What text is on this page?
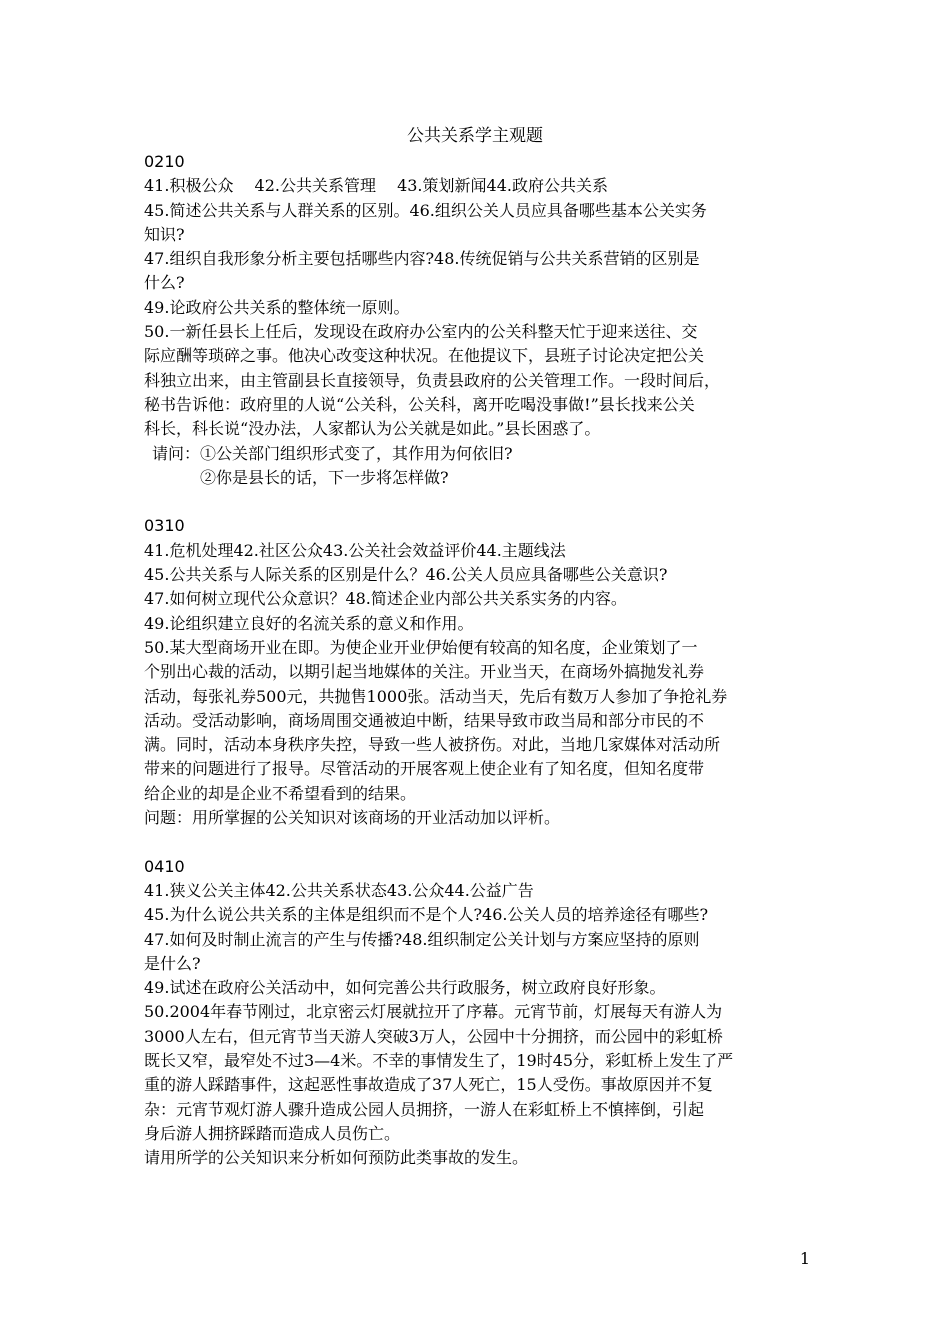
公共关系学主观题
0210
41.积极公众　 42.公共关系管理　 43.策划新闻44.政府公共关系
45.简述公共关系与人群关系的区别。46.组织公关人员应具备哪些基本公关实务
知识?
47.组织自我形象分析主要包括哪些内容?48.传统促销与公共关系营销的区别是
什么?
49.论政府公共关系的整体统一原则。
50.一新任县长上任后，发现设在政府办公室内的公关科整天忙于迎来送往、交
际应酬等琐碎之事。他决心改变这种状况。在他提议下，县班子讨论决定把公关
科独立出来，由主管副县长直接领导，负责县政府的公关管理工作。一段时间后，
秘书告诉他：政府里的人说“公关科，公关科，离开吃喝没事做!”县长找来公关
科长，科长说“没办法，人家都认为公关就是如此。”县长困惑了。
请问：①公关部门组织形式变了，其作用为何依旧?
②你是县长的话，下一步将怎样做?
0310
41.危机处理42.社区公众43.公关社会效益评价44.主题线法
45.公共关系与人际关系的区别是什么？46.公关人员应具备哪些公关意识?
47.如何树立现代公众意识？48.简述企业内部公共关系实务的内容。
49.论组织建立良好的名流关系的意义和作用。
50.某大型商场开业在即。为使企业开业伊始便有较高的知名度，企业策划了一
个别出心裁的活动，以期引起当地媒体的关注。开业当天，在商场外搞抛发礼券
活动，每张礼券500元，共抛售1000张。活动当天，先后有数万人参加了争抢礼券
活动。受活动影响，商场周围交通被迫中断，结果导致市政当局和部分市民的不
满。同时，活动本身秩序失控，导致一些人被挤伤。对此，当地几家媒体对活动所
带来的问题进行了报导。尽管活动的开展客观上使企业有了知名度，但知名度带
给企业的却是企业不希望看到的结果。
问题：用所掌握的公关知识对该商场的开业活动加以评析。
0410
41.狭义公关主体42.公共关系状态43.公众44.公益广告
45.为什么说公共关系的主体是组织而不是个人?46.公关人员的培养途径有哪些?
47.如何及时制止流言的产生与传播?48.组织制定公关计划与方案应坚持的原则
是什么?
49.试述在政府公关活动中，如何完善公共行政服务，树立政府良好形象。
50.2004年春节刚过，北京密云灯展就拉开了序幕。元宵节前，灯展每天有游人为
3000人左右，但元宵节当天游人突破3万人，公园中十分拥挤，而公园中的彩虹桥
既长又窄，最窄处不过3—4米。不幸的事情发生了，19时45分，彩虹桥上发生了严
重的游人踩踏事件，这起恶性事故造成了37人死亡，15人受伤。事故原因并不复
杂：元宵节观灯游人骤升造成公园人员拥挤，一游人在彩虹桥上不慎摔倒，引起
身后游人拥挤踩踏而造成人员伤亡。
请用所学的公关知识来分析如何预防此类事故的发生。
1
